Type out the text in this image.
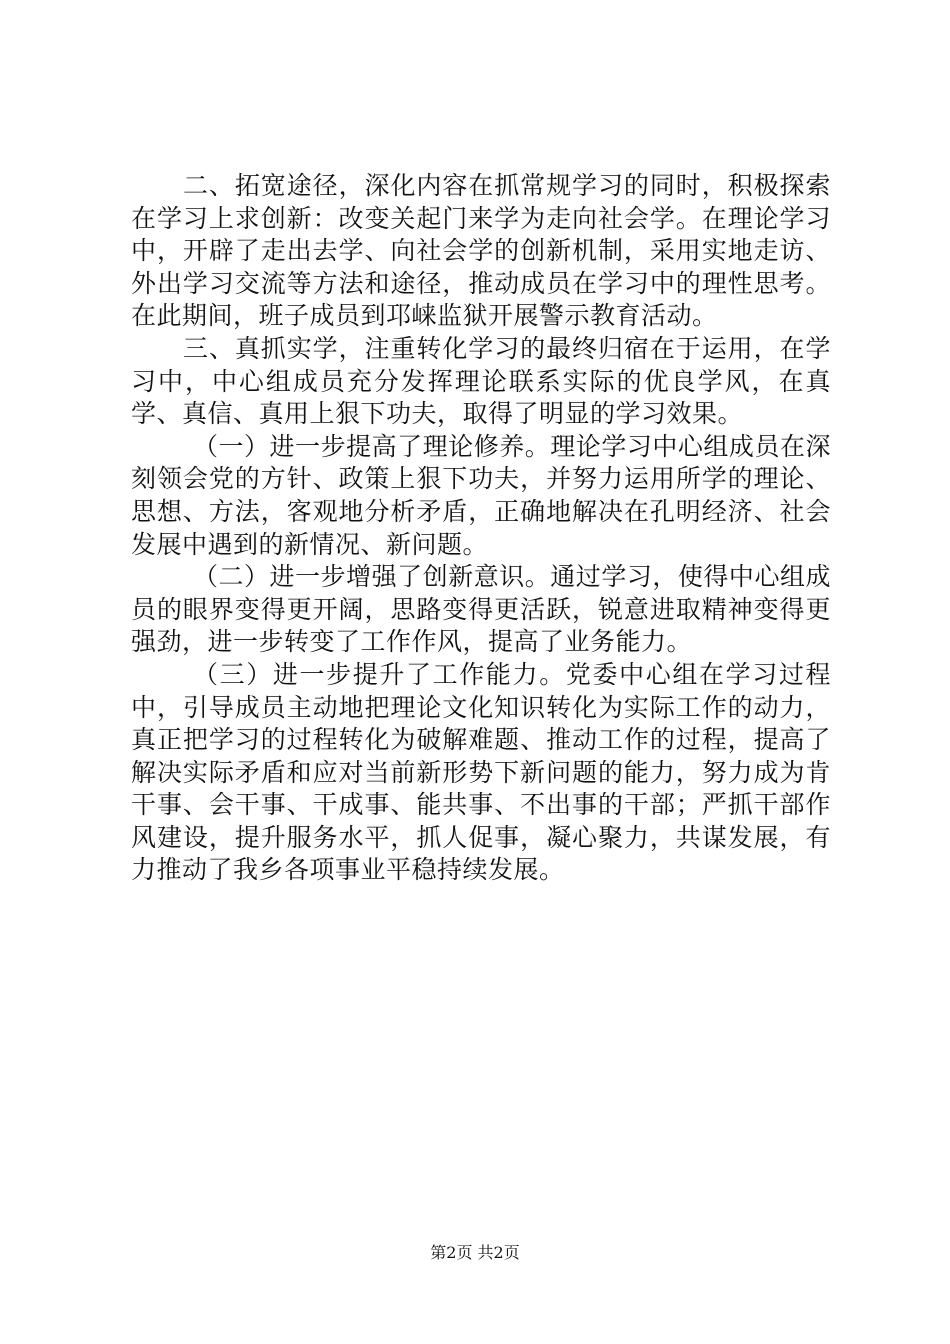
二、拓宽途径，深化内容在抓常规学习的同时，积极探索在学习上求创新：改变关起门来学为走向社会学。在理论学习中，开辟了走出去学、向社会学的创新机制，采用实地走访、外出学习交流等方法和途径，推动成员在学习中的理性思考。在此期间，班子成员到邛崃监狱开展警示教育活动。

三、真抓实学，注重转化学习的最终归宿在于运用，在学习中，中心组成员充分发挥理论联系实际的优良学风，在真学、真信、真用上狠下功夫，取得了明显的学习效果。

（一）进一步提高了理论修养。理论学习中心组成员在深刻领会党的方针、政策上狠下功夫，并努力运用所学的理论、思想、方法，客观地分析矛盾，正确地解决在孔明经济、社会发展中遇到的新情况、新问题。

（二）进一步增强了创新意识。通过学习，使得中心组成员的眼界变得更开阔，思路变得更活跃，锐意进取精神变得更强劲，进一步转变了工作作风，提高了业务能力。

（三）进一步提升了工作能力。党委中心组在学习过程中，引导成员主动地把理论文化知识转化为实际工作的动力，真正把学习的过程转化为破解难题、推动工作的过程，提高了解决实际矛盾和应对当前新形势下新问题的能力，努力成为肯干事、会干事、干成事、能共事、不出事的干部；严抓干部作风建设，提升服务水平，抓人促事，凝心聚力，共谋发展，有力推动了我乡各项事业平稳持续发展。

第2页 共2页
